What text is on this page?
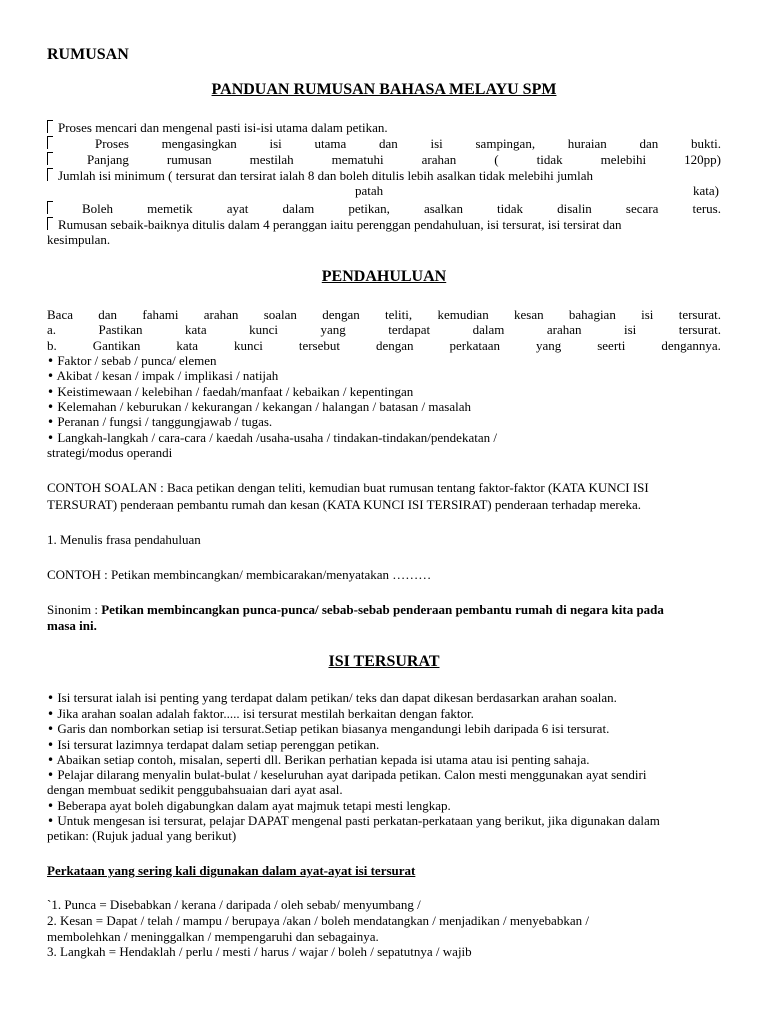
RUMUSAN
PANDUAN RUMUSAN BAHASA MELAYU SPM
Proses mencari dan mengenal pasti isi-isi utama dalam petikan.
Proses	mengasingkan	isi	utama	dan	isi	sampingan,	huraian	dan	bukti.
Panjang	rumusan	mestilah	mematuhi	arahan	(	tidak	melebihi	120pp)
Jumlah isi minimum ( tersurat dan tersirat ialah 8 dan boleh ditulis lebih asalkan tidak melebihi jumlah
patah	kata)
Boleh	memetik	ayat	dalam	petikan,	asalkan	tidak	disalin	secara	terus.
Rumusan sebaik-baiknya ditulis dalam 4 peranggan iaitu perenggan pendahuluan, isi tersurat, isi tersirat dan
kesimpulan.
PENDAHULUAN
Baca dan fahami arahan soalan dengan teliti, kemudian kesan bahagian isi tersurat.
a.	Pastikan	kata	kunci	yang	terdapat	dalam	arahan	isi	tersurat.
b.	Gantikan	kata	kunci	tersebut	dengan	perkataan	yang	seerti	dengannya.
• Faktor / sebab / punca/ elemen
• Akibat / kesan / impak / implikasi / natijah
• Keistimewaan / kelebihan / faedah/manfaat / kebaikan / kepentingan
• Kelemahan / keburukan / kekurangan / kekangan / halangan / batasan / masalah
• Peranan / fungsi / tanggungjawab / tugas.
• Langkah-langkah / cara-cara / kaedah /usaha-usaha / tindakan-tindakan/pendekatan /
strategi/modus operandi
CONTOH SOALAN : Baca petikan dengan teliti, kemudian buat rumusan tentang faktor-faktor (KATA KUNCI ISI
TERSURAT) penderaan pembantu rumah dan kesan (KATA KUNCI ISI TERSIRAT) penderaan terhadap mereka.
1. Menulis frasa pendahuluan
CONTOH : Petikan membincangkan/ membicarakan/menyatakan ………
Sinonim : Petikan membincangkan punca-punca/ sebab-sebab penderaan pembantu rumah di negara kita pada
masa ini.
ISI TERSURAT
• Isi tersurat ialah isi penting yang terdapat dalam petikan/ teks dan dapat dikesan berdasarkan arahan soalan.
• Jika arahan soalan adalah faktor..... isi tersurat mestilah berkaitan dengan faktor.
• Garis dan nomborkan setiap isi tersurat.Setiap petikan biasanya mengandungi lebih daripada 6 isi tersurat.
• Isi tersurat lazimnya terdapat dalam setiap perenggan petikan.
• Abaikan setiap contoh, misalan, seperti dll. Berikan perhatian kepada isi utama atau isi penting sahaja.
• Pelajar dilarang menyalin bulat-bulat / keseluruhan ayat daripada petikan. Calon mesti menggunakan ayat sendiri
dengan membuat sedikit penggubahsuaian dari ayat asal.
• Beberapa ayat boleh digabungkan dalam ayat majmuk tetapi mesti lengkap.
• Untuk mengesan isi tersurat, pelajar DAPAT mengenal pasti perkatan-perkataan yang berikut, jika digunakan dalam
petikan: (Rujuk jadual yang berikut)
Perkataan yang sering kali digunakan dalam ayat-ayat isi tersurat
`1. Punca = Disebabkan / kerana / daripada / oleh sebab/ menyumbang /
2. Kesan = Dapat / telah / mampu / berupaya /akan / boleh mendatangkan / menjadikan / menyebabkan /
membolehkan / meninggalkan / mempengaruhi dan sebagainya.
3. Langkah = Hendaklah / perlu / mesti / harus / wajar / boleh / sepatutnya / wajib
